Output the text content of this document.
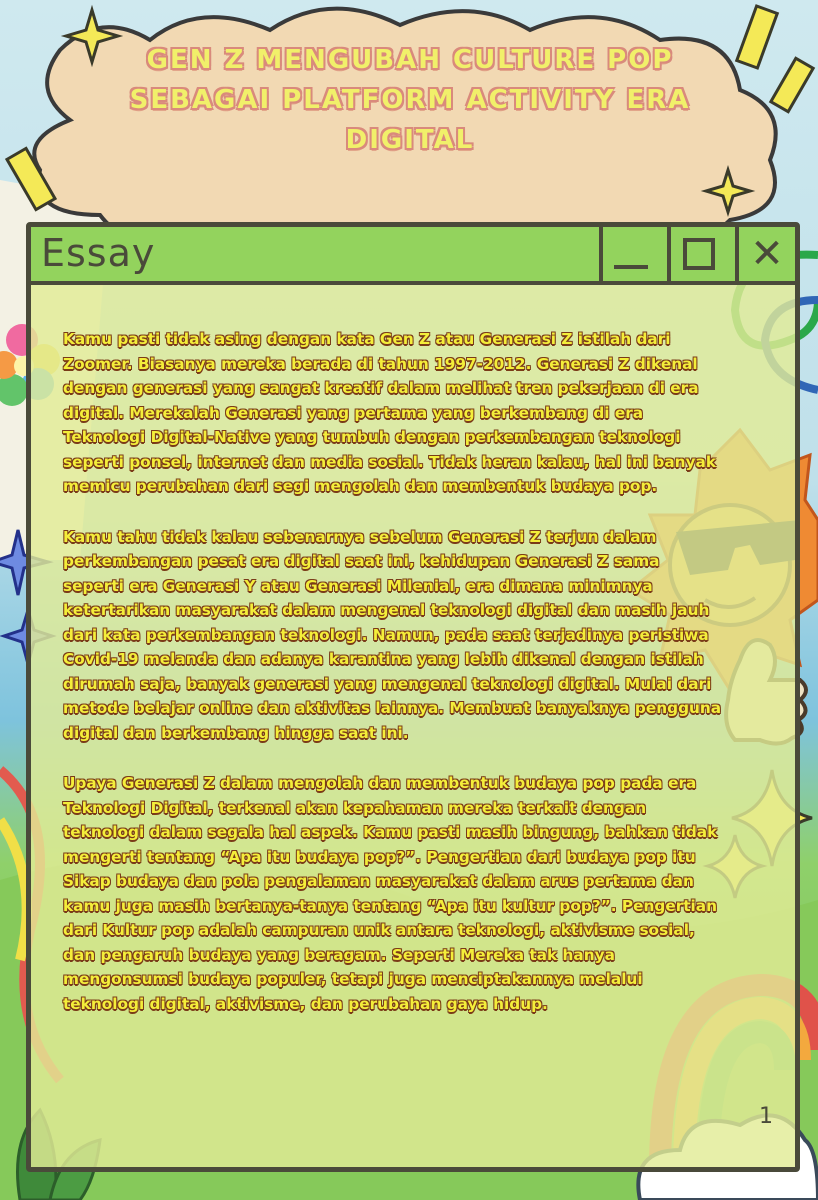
GEN Z MENGUBAH CULTURE POP
SEBAGAI PLATFORM ACTIVITY ERA
DIGITAL
Essay	✕

Kamu pasti tidak asing dengan kata Gen Z atau Generasi Z istilah dari Zoomer. Biasanya mereka berada di tahun 1997-2012. Generasi Z dikenal dengan generasi yang sangat kreatif dalam melihat tren pekerjaan di era digital. Merekalah Generasi yang pertama yang berkembang di era Teknologi Digital-Native yang tumbuh dengan perkembangan teknologi seperti ponsel, internet dan media sosial. Tidak heran kalau, hal ini banyak memicu perubahan dari segi mengolah dan membentuk budaya pop.

Kamu tahu tidak kalau sebenarnya sebelum Generasi Z terjun dalam perkembangan pesat era digital saat ini, kehidupan Generasi Z sama seperti era Generasi Y atau Generasi Milenial, era dimana minimnya ketertarikan masyarakat dalam mengenal teknologi digital dan masih jauh dari kata perkembangan teknologi. Namun, pada saat terjadinya peristiwa Covid-19 melanda dan adanya karantina yang lebih dikenal dengan istilah dirumah saja, banyak generasi yang mengenal teknologi digital. Mulai dari metode belajar online dan aktivitas lainnya. Membuat banyaknya pengguna digital dan berkembang hingga saat ini.

Upaya Generasi Z dalam mengolah dan membentuk budaya pop pada era Teknologi Digital, terkenal akan kepahaman mereka terkait dengan teknologi dalam segala hal aspek. Kamu pasti masih bingung, bahkan tidak mengerti tentang “Apa itu budaya pop?”. Pengertian dari budaya pop itu Sikap budaya dan pola pengalaman masyarakat dalam arus pertama dan kamu juga masih bertanya-tanya tentang “Apa itu kultur pop?”. Pengertian dari Kultur pop adalah campuran unik antara teknologi, aktivisme sosial, dan pengaruh budaya yang beragam. Seperti Mereka tak hanya mengonsumsi budaya populer, tetapi juga menciptakannya melalui teknologi digital, aktivisme, dan perubahan gaya hidup.

1
